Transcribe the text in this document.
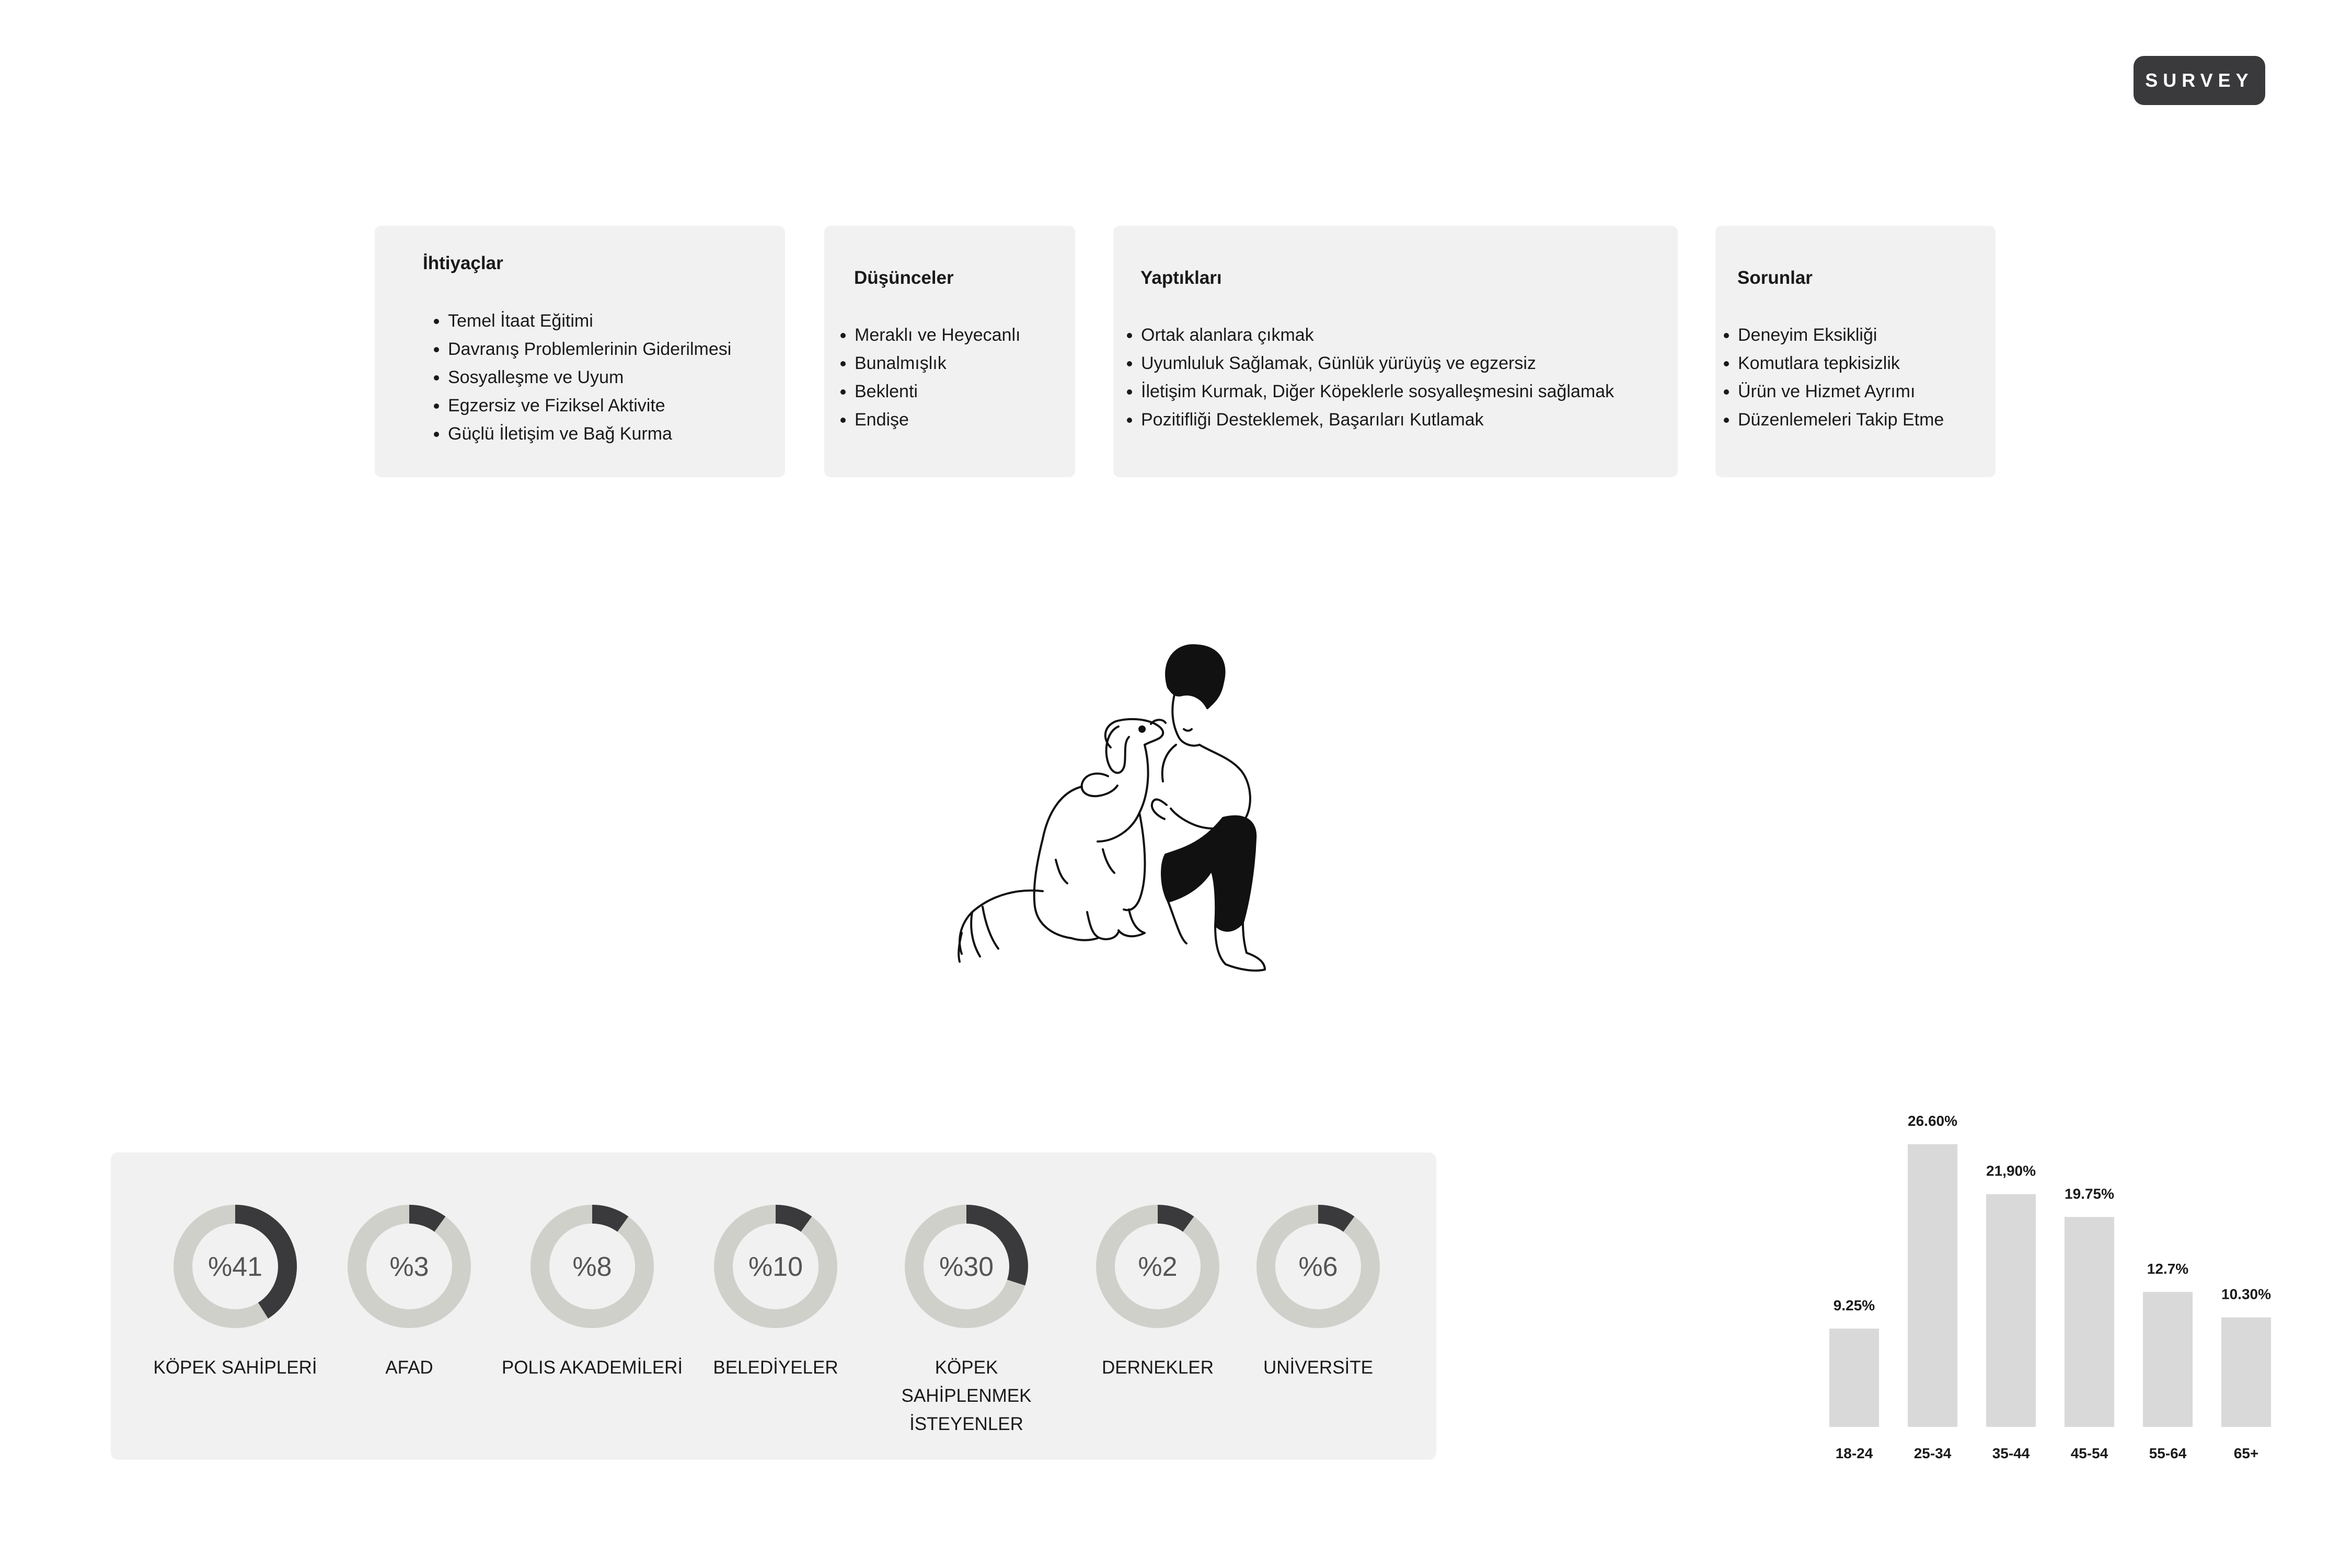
SURVEY
İhtiyaçlar
• Temel İtaat Eğitimi
• Davranış Problemlerinin Giderilmesi
• Sosyalleşme ve Uyum
• Egzersiz ve Fiziksel Aktivite
• Güçlü İletişim ve Bağ Kurma
Düşünceler
• Meraklı ve Heyecanlı
• Bunalmışlık
• Beklenti
• Endişe
Yaptıkları
• Ortak alanlara çıkmak
• Uyumluluk Sağlamak, Günlük yürüyüş ve egzersiz
• İletişim Kurmak, Diğer Köpeklerle sosyalleşmesini sağlamak
• Pozitifliği Desteklemek, Başarıları Kutlamak
Sorunlar
• Deneyim Eksikliği
• Komutlara tepkisizlik
• Ürün ve Hizmet Ayrımı
• Düzenlemeleri Takip Etme
%41
KÖPEK SAHİPLERİ
%3
AFAD
%8
POLIS AKADEMİLERİ
%10
BELEDİYELER
%30
KÖPEK SAHİPLENMEK İSTEYENLER
%2
DERNEKLER
%6
UNİVERSİTE
9.25%
18-24
26.60%
25-34
21,90%
35-44
19.75%
45-54
12.7%
55-64
10.30%
65+
